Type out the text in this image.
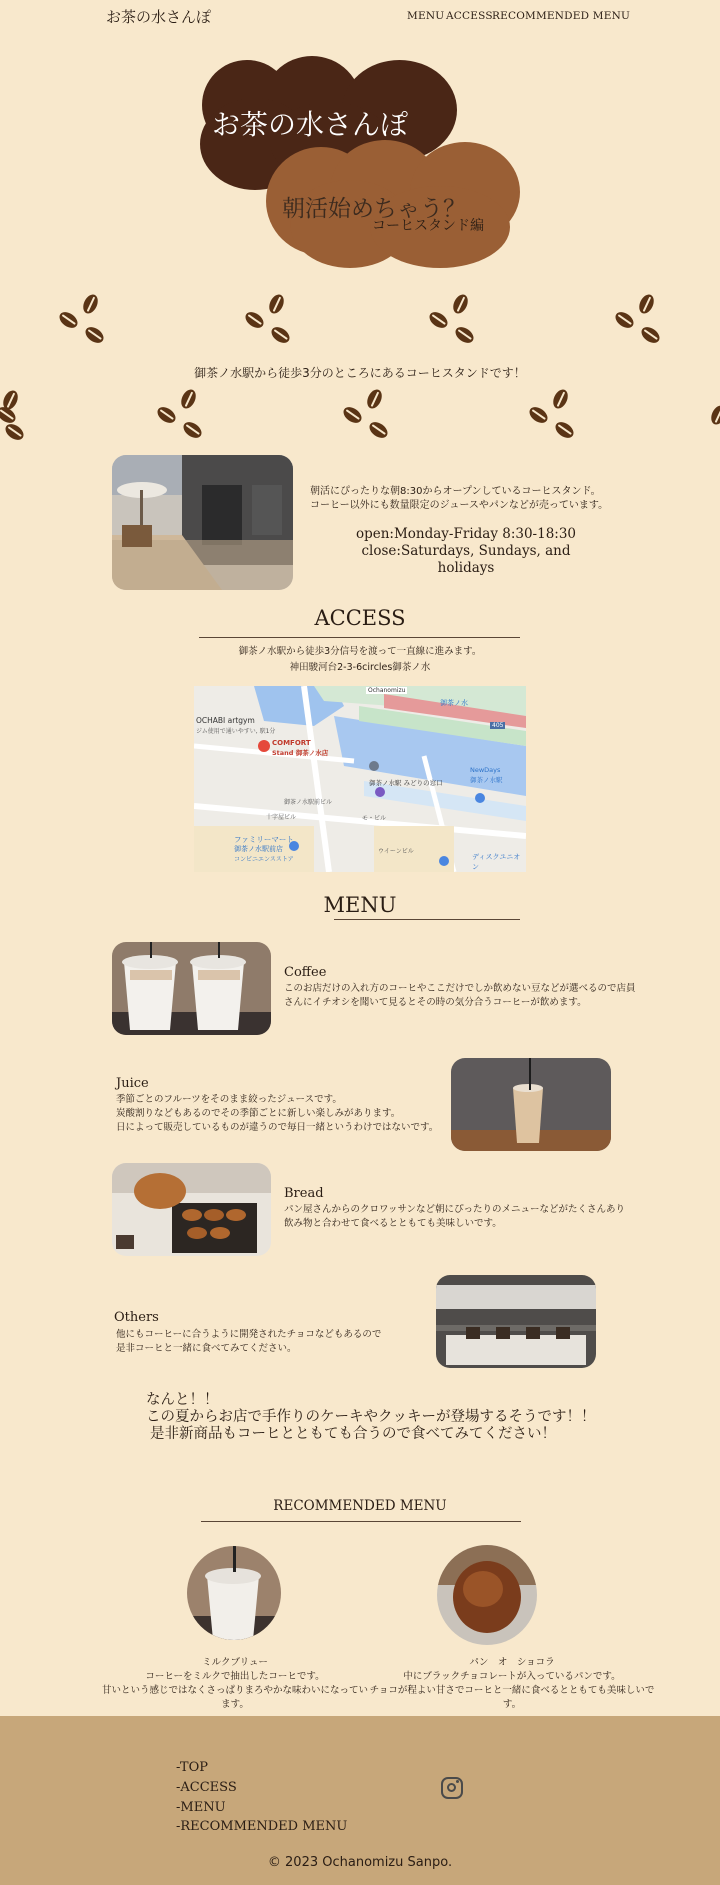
お茶の水さんぽ	MENU ACCESS RECOMMENDED MENU
お茶の水さんぽ
朝活始めちゃう？
コーヒスタンド編
御茶ノ水駅から徒歩3分のところにあるコーヒスタンドです！
朝活にぴったりな朝8:30からオープンしているコーヒスタンド。
コーヒー以外にも数量限定のジュースやパンなどが売っています。
open:Monday-Friday 8:30-18:30
close:Saturdays, Sundays, and holidays
ACCESS
御茶ノ水駅から徒歩3分信号を渡って一直線に進みます。
神田駿河台2-3-6circles御茶ノ水
OCHABI artgym
ジム使用で通いやすい, 駅1分
COMFORT
Stand 御茶ノ水店
御茶ノ水駅 みどりの窓口
ファミリーマート
御茶ノ水駅前店
コンビニエンスストア
御茶ノ水駅前ビル
NewDays
御茶ノ水駅
御茶ノ水
ディスクユニオン
Ochanomizu
ウイーンビル
十字屋ビル	モ・ビル
405
MENU
Coffee
このお店だけの入れ方のコーヒやここだけでしか飲めない豆などが選べるので店員
さんにイチオシを聞いて見るとその時の気分合うコーヒーが飲めます。
Juice
季節ごとのフルーツをそのまま絞ったジュースです。
炭酸割りなどもあるのでその季節ごとに新しい楽しみがあります。
日によって販売しているものが違うので毎日一緒というわけではないです。
Bread
パン屋さんからのクロワッサンなど朝にぴったりのメニューなどがたくさんあり
飲み物と合わせて食べるとともても美味しいです。
Others
他にもコーヒーに合うように開発されたチョコなどもあるので
是非コーヒと一緒に食べてみてください。
なんと！！
この夏からお店で手作りのケーキやクッキーが登場するそうです！！
是非新商品もコーヒとともても合うので食べてみてください！
RECOMMENDED MENU
ミルクブリュー
コーヒーをミルクで抽出したコーヒです。
甘いという感じではなくさっぱりまろやかな味わいになっています。
パン　オ　ショコラ
中にブラックチョコレートが入っているパンです。
チョコが程よい甘さでコーヒと一緒に食べるとともても美味しいです。
-TOP
-ACCESS
-MENU
-RECOMMENDED MENU
© 2023 Ochanomizu Sanpo.
